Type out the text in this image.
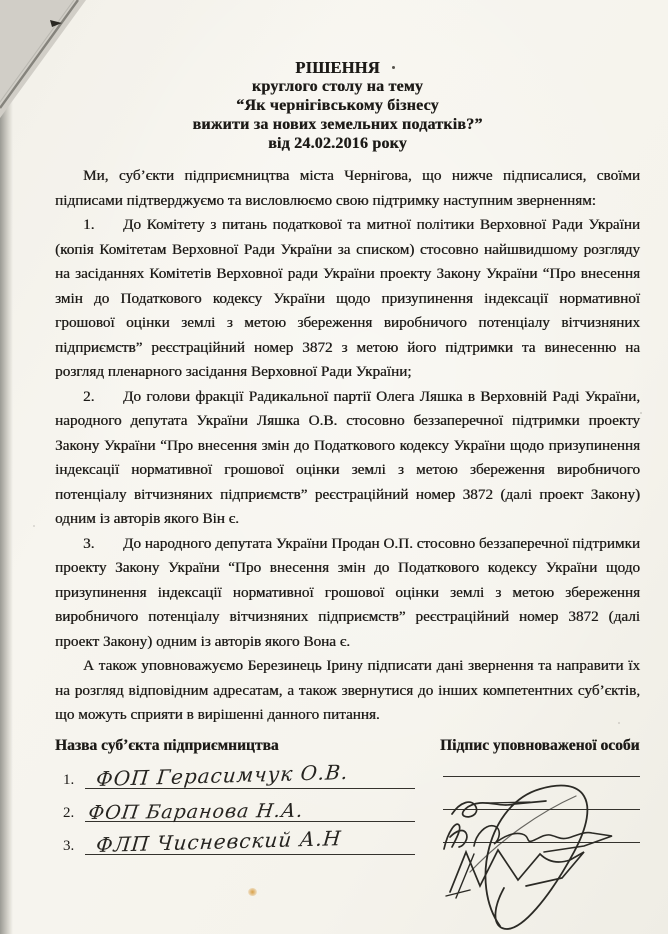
РІШЕННЯ
круглого столу на тему
“Як чернігівському бізнесу
вижити за нових земельних податків?”
від 24.02.2016 року

Ми, суб’єкти підприємництва міста Чернігова, що нижче підписалися, своїми підписами підтверджуємо та висловлюємо свою підтримку наступним зверненням:

1. До Комітету з питань податкової та митної політики Верховної Ради України (копія Комітетам Верховної Ради України за списком) стосовно найшвидшому розгляду на засіданнях Комітетів Верховної ради України проекту Закону України “Про внесення змін до Податкового кодексу України щодо призупинення індексації нормативної грошової оцінки землі з метою збереження виробничого потенціалу вітчизняних підприємств” реєстраційний номер 3872 з метою його підтримки та винесенню на розгляд пленарного засідання Верховної Ради України;

2. До голови фракції Радикальної партії Олега Ляшка в Верховній Раді України, народного депутата України Ляшка О.В. стосовно беззаперечної підтримки проекту Закону України “Про внесення змін до Податкового кодексу України щодо призупинення індексації нормативної грошової оцінки землі з метою збереження виробничого потенціалу вітчизняних підприємств” реєстраційний номер 3872 (далі проект Закону) одним із авторів якого Він є.

3. До народного депутата України Продан О.П. стосовно беззаперечної підтримки проекту Закону України “Про внесення змін до Податкового кодексу України щодо призупинення індексації нормативної грошової оцінки землі з метою збереження виробничого потенціалу вітчизняних підприємств” реєстраційний номер 3872 (далі проект Закону) одним із авторів якого Вона є.

А також уповноважуємо Березинець Ірину підписати дані звернення та направити їх на розгляд відповідним адресатам, а також звернутися до інших компетентних суб’єктів, що можуть сприяти в вирішенні данного питання.

Назва суб’єкта підприємництва	Підпис уповноваженої особи
1.	ФОП Герасимчук О.В.
2. ФОП Баранова Н.А.
3.	ФЛП Чисневский А.Н
